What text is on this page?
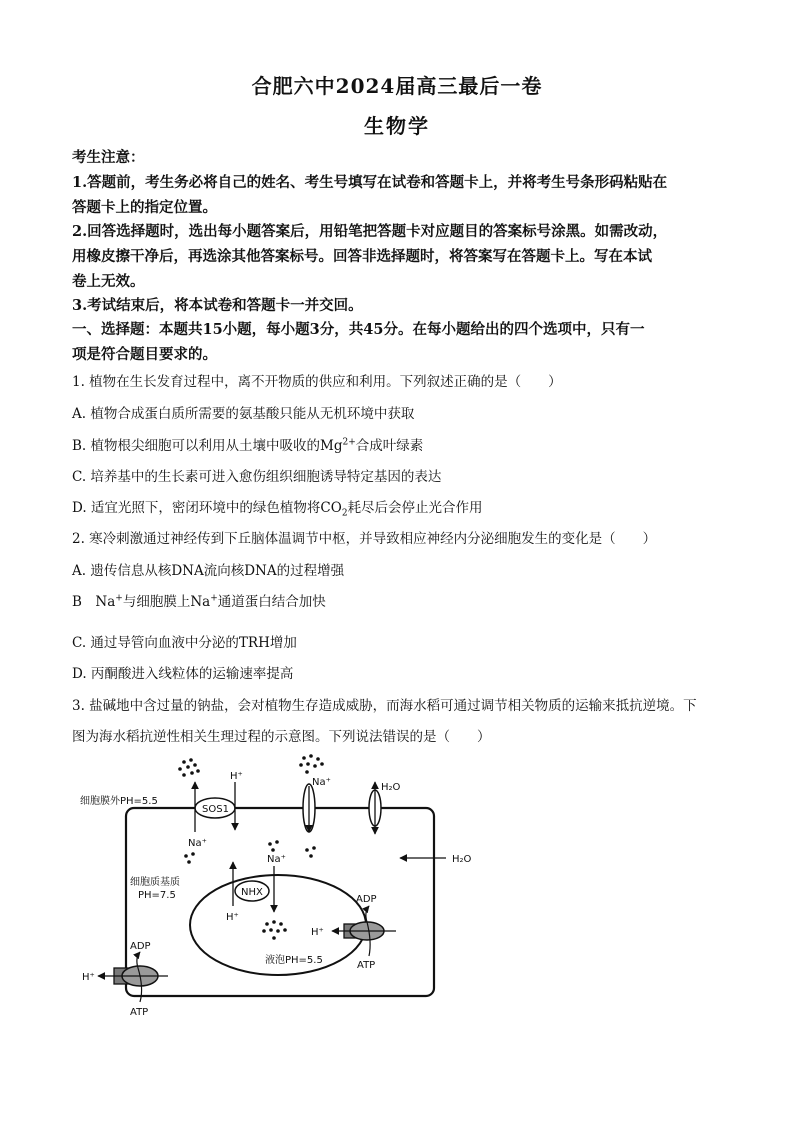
合肥六中2024届高三最后一卷
生物学
考生注意：
1.答题前，考生务必将自己的姓名、考生号填写在试卷和答题卡上，并将考生号条形码粘贴在
答题卡上的指定位置。
2.回答选择题时，选出每小题答案后，用铅笔把答题卡对应题目的答案标号涂黑。如需改动，
用橡皮擦干净后，再选涂其他答案标号。回答非选择题时，将答案写在答题卡上。写在本试
卷上无效。
3.考试结束后，将本试卷和答题卡一并交回。
一、选择题：本题共15小题，每小题3分，共45分。在每小题给出的四个选项中，只有一
项是符合题目要求的。
1. 植物在生长发育过程中，离不开物质的供应和利用。下列叙述正确的是（　　）
A. 植物合成蛋白质所需要的氨基酸只能从无机环境中获取
B. 植物根尖细胞可以利用从土壤中吸收的$Mg^{2+}$合成叶绿素
C. 培养基中的生长素可进入愈伤组织细胞诱导特定基因的表达
D. 适宜光照下，密闭环境中的绿色植物将$CO_2$耗尽后会停止光合作用
2. 寒冷刺激通过神经传到下丘脑体温调节中枢，并导致相应神经内分泌细胞发生的变化是（　　）
A. 遗传信息从核DNA流向核DNA的过程增强
B　Na+与细胞膜上Na+通道蛋白结合加快
C. 通过导管向血液中分泌的TRH增加
D. 丙酮酸进入线粒体的运输速率提高
3. 盐碱地中含过量的钠盐，会对植物生存造成威胁，而海水稻可通过调节相关物质的运输来抵抗逆境。下
图为海水稻抗逆性相关生理过程的示意图。下列说法错误的是（　　）
细胞膜外PH=5.5
细胞质基质
PH=7.5
液泡PH=5.5
SOS1
H⁺
Na⁺
Na⁺	H₂O
H₂O
NHX
H⁺
Na⁺
H⁺
ADP
ATP
H⁺
ADP
ATP
